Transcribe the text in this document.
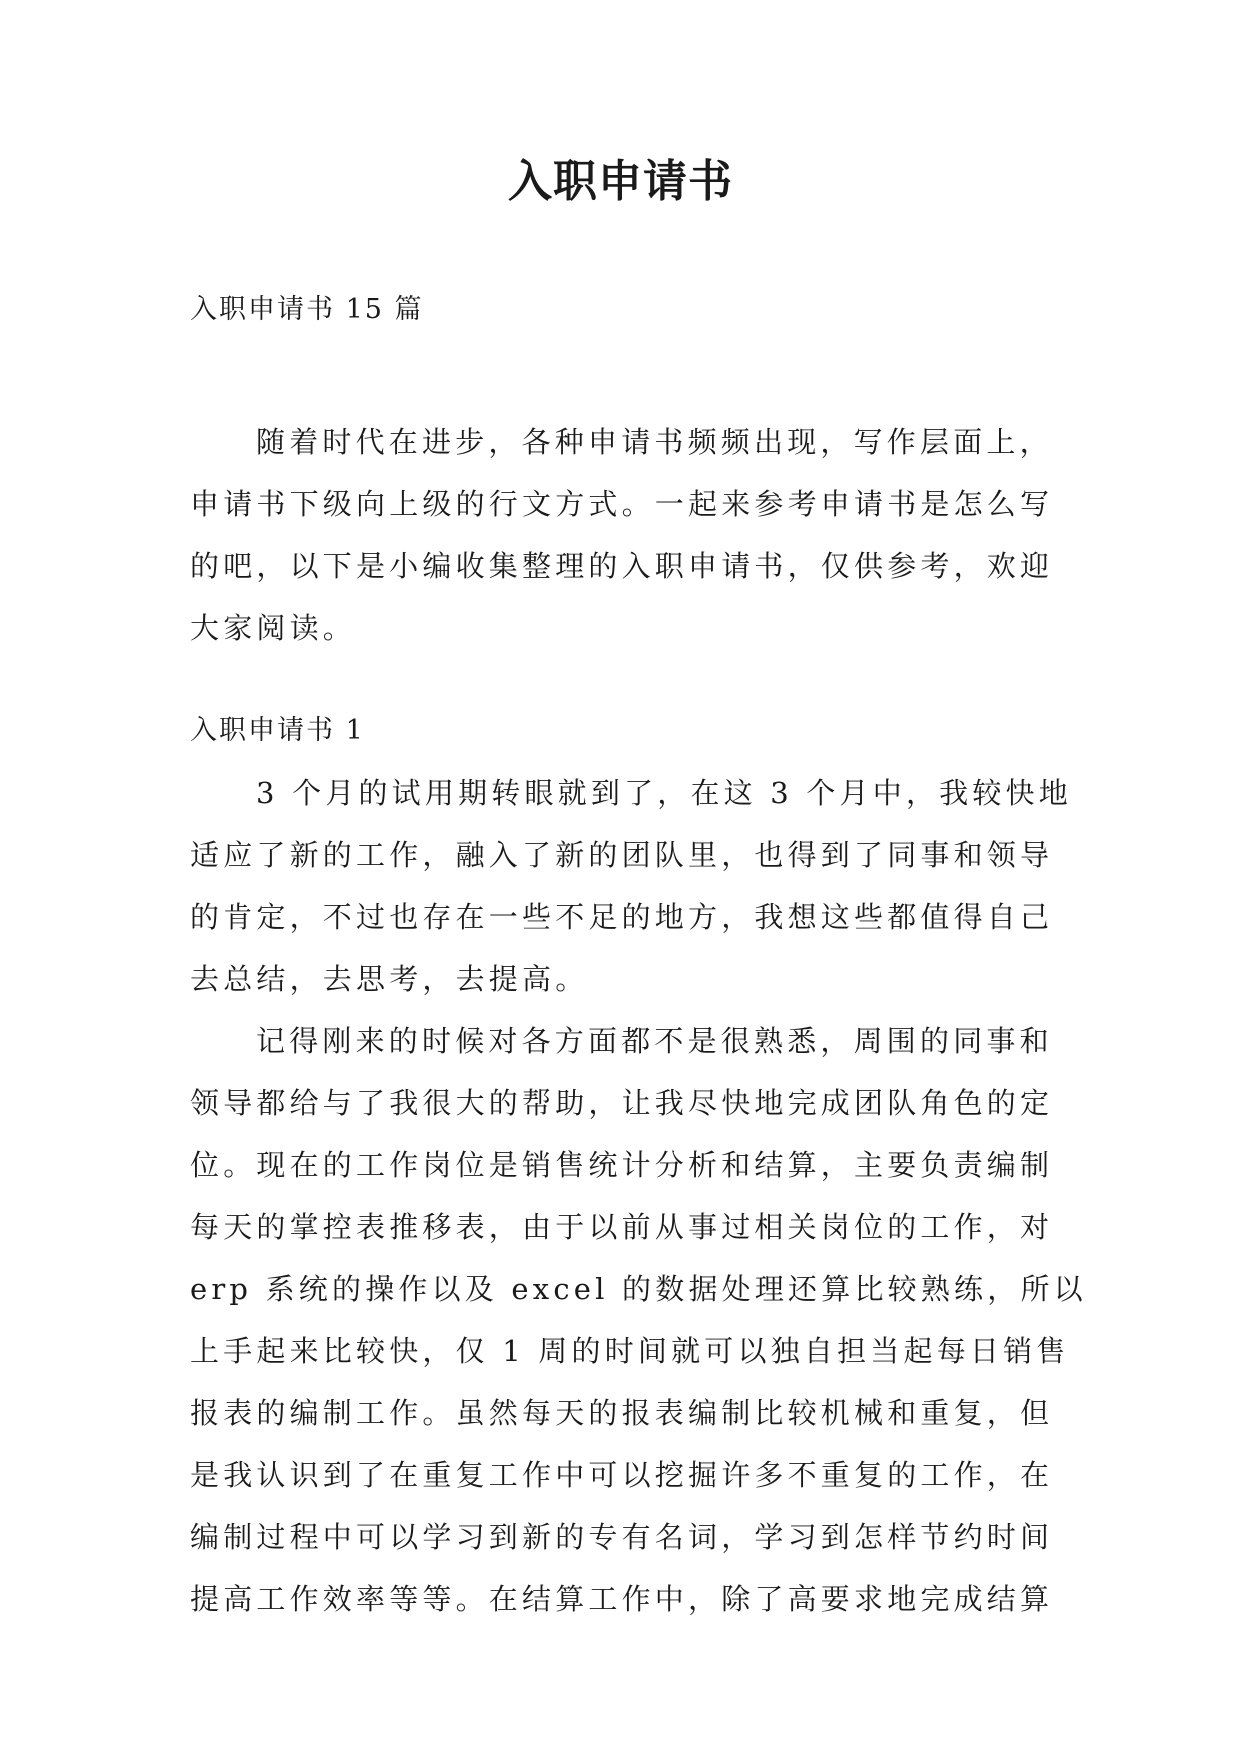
入职申请书
入职申请书 15 篇
随着时代在进步，各种申请书频频出现，写作层面上，
申请书下级向上级的行文方式。一起来参考申请书是怎么写
的吧，以下是小编收集整理的入职申请书，仅供参考，欢迎
大家阅读。
入职申请书 1
3 个月的试用期转眼就到了，在这 3 个月中，我较快地
适应了新的工作，融入了新的团队里，也得到了同事和领导
的肯定，不过也存在一些不足的地方，我想这些都值得自己
去总结，去思考，去提高。
记得刚来的时候对各方面都不是很熟悉，周围的同事和
领导都给与了我很大的帮助，让我尽快地完成团队角色的定
位。现在的工作岗位是销售统计分析和结算，主要负责编制
每天的掌控表推移表，由于以前从事过相关岗位的工作，对
erp 系统的操作以及 excel 的数据处理还算比较熟练，所以
上手起来比较快，仅 1 周的时间就可以独自担当起每日销售
报表的编制工作。虽然每天的报表编制比较机械和重复，但
是我认识到了在重复工作中可以挖掘许多不重复的工作，在
编制过程中可以学习到新的专有名词，学习到怎样节约时间
提高工作效率等等。在结算工作中，除了高要求地完成结算
